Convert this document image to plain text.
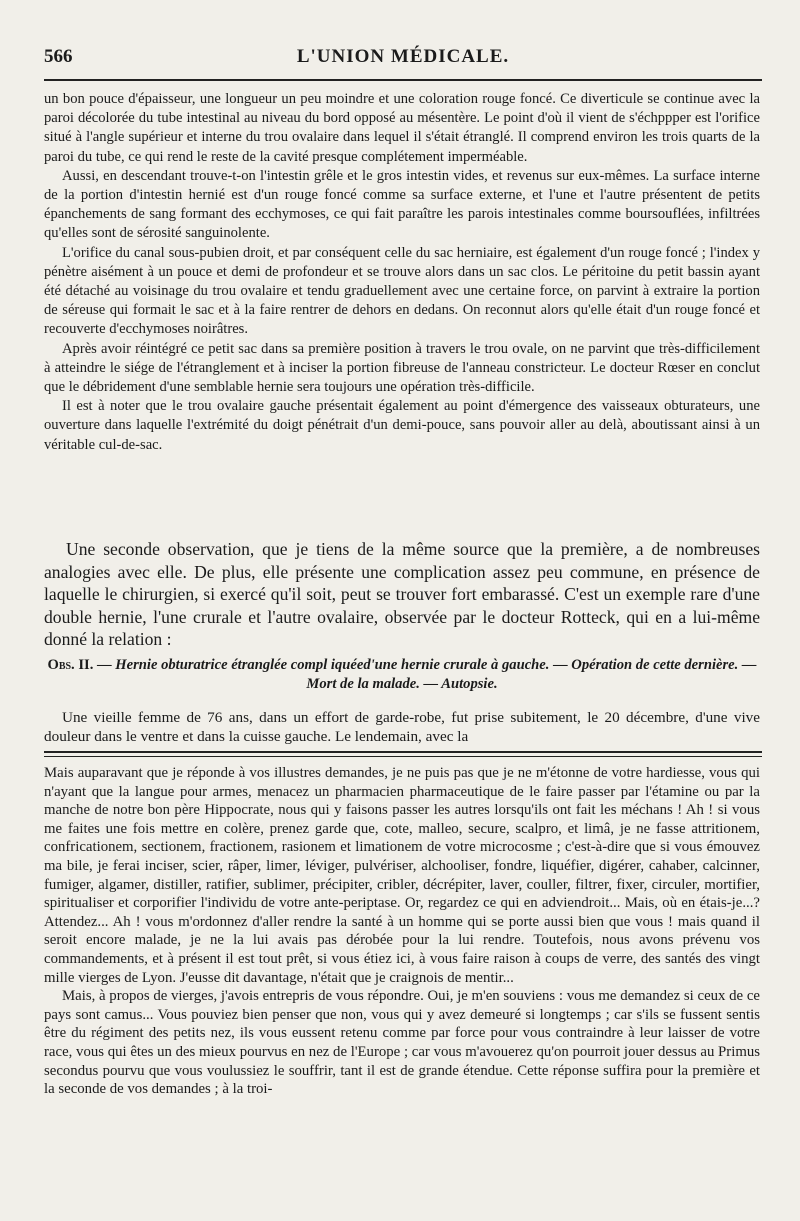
566	L'UNION MÉDICALE.

un bon pouce d'épaisseur, une longueur un peu moindre et une coloration rouge foncé. Ce diverticule se continue avec la paroi décolorée du tube intestinal au niveau du bord opposé au mésentère. Le point d'où il vient de s'échppper est l'orifice situé à l'angle supérieur et interne du trou ovalaire dans lequel il s'était étranglé. Il comprend environ les trois quarts de la paroi du tube, ce qui rend le reste de la cavité presque complétement imperméable.

Aussi, en descendant trouve-t-on l'intestin grêle et le gros intestin vides, et revenus sur eux-mêmes. La surface interne de la portion d'intestin hernié est d'un rouge foncé comme sa surface externe, et l'une et l'autre présentent de petits épanchements de sang formant des ecchymoses, ce qui fait paraître les parois intestinales comme boursouflées, infiltrées qu'elles sont de sérosité sanguinolente.

L'orifice du canal sous-pubien droit, et par conséquent celle du sac herniaire, est également d'un rouge foncé ; l'index y pénètre aisément à un pouce et demi de profondeur et se trouve alors dans un sac clos. Le péritoine du petit bassin ayant été détaché au voisinage du trou ovalaire et tendu graduellement avec une certaine force, on parvint à extraire la portion de séreuse qui formait le sac et à la faire rentrer de dehors en dedans. On reconnut alors qu'elle était d'un rouge foncé et recouverte d'ecchymoses noirâtres.

Après avoir réintégré ce petit sac dans sa première position à travers le trou ovale, on ne parvint que très-difficilement à atteindre le siége de l'étranglement et à inciser la portion fibreuse de l'anneau constricteur. Le docteur Rœser en conclut que le débridement d'une semblable hernie sera toujours une opération très-difficile.

Il est à noter que le trou ovalaire gauche présentait également au point d'émergence des vaisseaux obturateurs, une ouverture dans laquelle l'extrémité du doigt pénétrait d'un demi-pouce, sans pouvoir aller au delà, aboutissant ainsi à un véritable cul-de-sac.

Une seconde observation, que je tiens de la même source que la première, a de nombreuses analogies avec elle. De plus, elle présente une complication assez peu commune, en présence de laquelle le chirurgien, si exercé qu'il soit, peut se trouver fort embarassé. C'est un exemple rare d'une double hernie, l'une crurale et l'autre ovalaire, observée par le docteur Rotteck, qui en a lui-même donné la relation :

Obs. II. — Hernie obturatrice étranglée compl iquéed'une hernie crurale à gauche. — Opération de cette dernière. — Mort de la malade. — Autopsie.

Une vieille femme de 76 ans, dans un effort de garde-robe, fut prise subitement, le 20 décembre, d'une vive douleur dans le ventre et dans la cuisse gauche. Le lendemain, avec la

Mais auparavant que je réponde à vos illustres demandes, je ne puis pas que je ne m'étonne de votre hardiesse, vous qui n'ayant que la langue pour armes, menacez un pharmacien pharmaceutique de le faire passer par l'étamine ou par la manche de notre bon père Hippocrate, nous qui y faisons passer les autres lorsqu'ils ont fait les méchans ! Ah ! si vous me faites une fois mettre en colère, prenez garde que, cote, malleo, secure, scalpro, et limâ, je ne fasse attritionem, confricationem, sectionem, fractionem, rasionem et limationem de votre microcosme ; c'est-à-dire que si vous émouvez ma bile, je ferai inciser, scier, râper, limer, léviger, pulvériser, alchooliser, fondre, liquéfier, digérer, cahaber, calcinner, fumiger, algamer, distiller, ratifier, sublimer, précipiter, cribler, décrépiter, laver, couller, filtrer, fixer, circuler, mortifier, spiritualiser et corporifier l'individu de votre ante-periptase. Or, regardez ce qui en adviendroit... Mais, où en étais-je...? Attendez... Ah ! vous m'ordonnez d'aller rendre la santé à un homme qui se porte aussi bien que vous ! mais quand il seroit encore malade, je ne la lui avais pas dérobée pour la lui rendre. Toutefois, nous avons prévenu vos commandements, et à présent il est tout prêt, si vous étiez ici, à vous faire raison à coups de verre, des santés des vingt mille vierges de Lyon. J'eusse dit davantage, n'était que je craignois de mentir...

Mais, à propos de vierges, j'avois entrepris de vous répondre. Oui, je m'en souviens : vous me demandez si ceux de ce pays sont camus... Vous pouviez bien penser que non, vous qui y avez demeuré si longtemps ; car s'ils se fussent sentis être du régiment des petits nez, ils vous eussent retenu comme par force pour vous contraindre à leur laisser de votre race, vous qui êtes un des mieux pourvus en nez de l'Europe ; car vous m'avouerez qu'on pourroit jouer dessus au Primus secondus pourvu que vous voulussiez le souffrir, tant il est de grande étendue. Cette réponse suffira pour la première et la seconde de vos demandes ; à la troi-
